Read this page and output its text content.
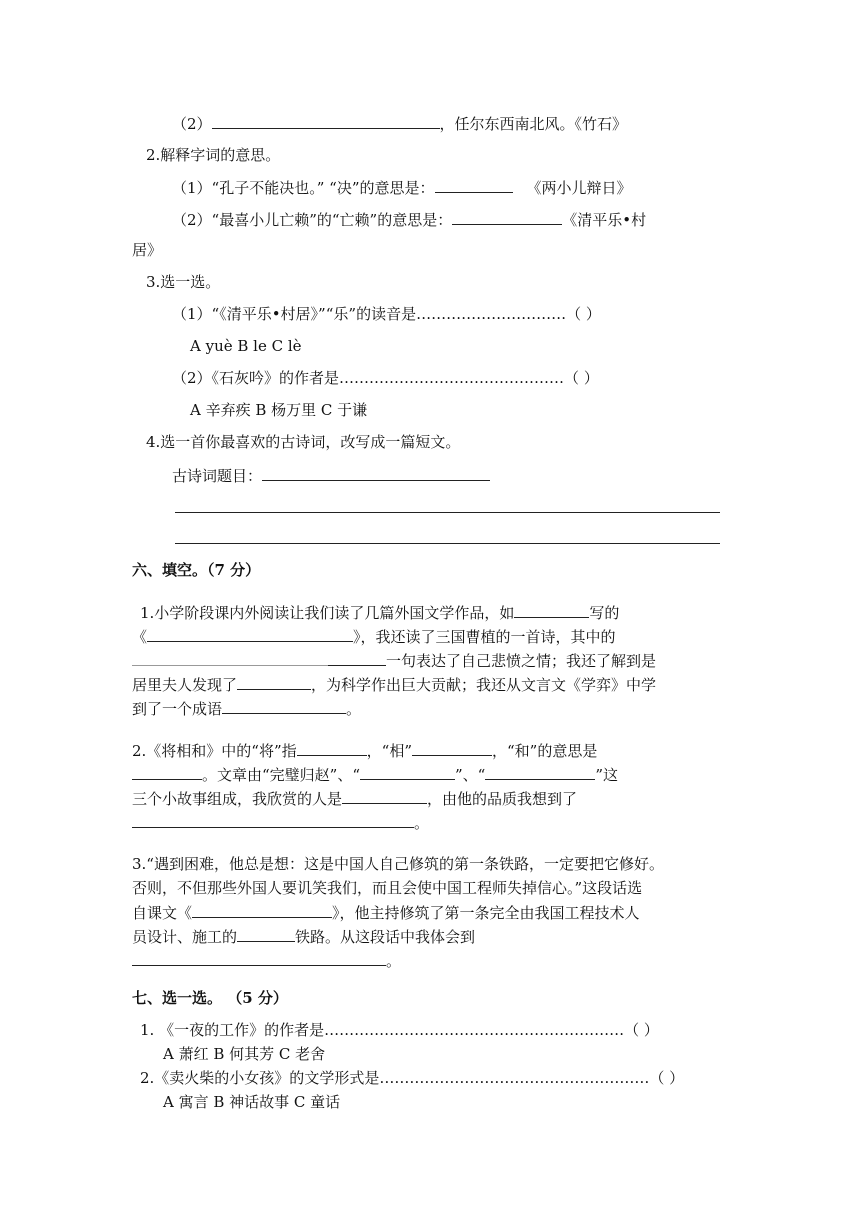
（2）	，任尔东西南北风。《竹石》
2.解释字词的意思。
（1）“孔子不能决也。” “决”的意思是：	《两小儿辩日》
（2）“最喜小儿亡赖”的“亡赖”的意思是：	《清平乐•村
居》
3.选一选。
（1）“《清平乐•村居》”“乐”的读音是…………………………（ ）
A yuè B le C lè
（2）《石灰吟》的作者是………………………………………（ ）
A 辛弃疾 B 杨万里 C 于谦
4.选一首你最喜欢的古诗词，改写成一篇短文。
古诗词题目：
六、填空。（7 分）
1.小学阶段课内外阅读让我们读了几篇外国文学作品，如	写的
《	》，我还读了三国曹植的一首诗，其中的
一句表达了自己悲愤之情；我还了解到是
居里夫人发现了	，为科学作出巨大贡献；我还从文言文《学弈》中学
到了一个成语	。
2.《将相和》中的“将”指	，“相”	，“和”的意思是
。文章由“完璧归赵”、“	”、“	”这
三个小故事组成，我欣赏的人是	，由他的品质我想到了
。
3.“遇到困难，他总是想：这是中国人自己修筑的第一条铁路，一定要把它修好。
否则，不但那些外国人要讥笑我们，而且会使中国工程师失掉信心。”这段话选
自课文《	》，他主持修筑了第一条完全由我国工程技术人
员设计、施工的	铁路。从这段话中我体会到
。
七、选一选。 （5 分）
1. 《一夜的工作》的作者是……………………………………………………（ ）
A 萧红 B 何其芳 C 老舍
2.《卖火柴的小女孩》的文学形式是………………………………………………（ ）
A 寓言 B 神话故事 C 童话
